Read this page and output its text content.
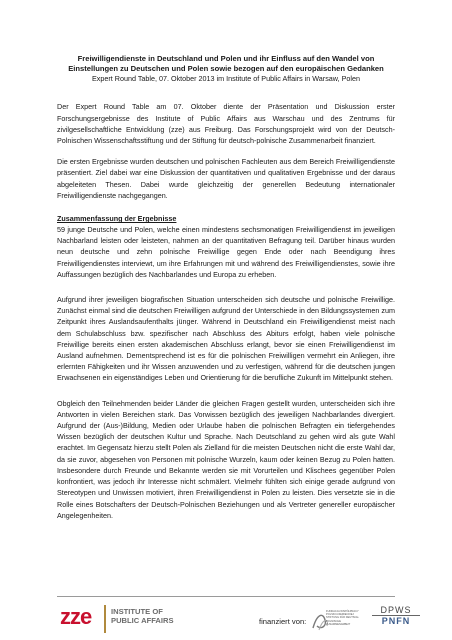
Freiwilligendienste in Deutschland und Polen und ihr Einfluss auf den Wandel von
Einstellungen zu Deutschen und Polen sowie bezogen auf den europäischen Gedanken

Expert Round Table, 07. Oktober 2013 im Institute of Public Affairs in Warsaw, Polen

Der Expert Round Table am 07. Oktober diente der Präsentation und Diskussion erster Forschungsergebnisse des Institute of Public Affairs aus Warschau und des Zentrums für zivilgesellschaftliche Entwicklung (zze) aus Freiburg. Das Forschungsprojekt wird von der Deutsch-Polnischen Wissenschaftsstiftung und der Stiftung für deutsch-polnische Zusammenarbeit finanziert.

Die ersten Ergebnisse wurden deutschen und polnischen Fachleuten aus dem Bereich Freiwilligendienste präsentiert. Ziel dabei war eine Diskussion der quantitativen und qualitativen Ergebnisse und der daraus abgeleiteten Thesen. Dabei wurde gleichzeitig der generellen Bedeutung internationaler Freiwilligendienste nachgegangen.

Zusammenfassung der Ergebnisse

59 junge Deutsche und Polen, welche einen mindestens sechsmonatigen Freiwilligendienst im jeweiligen Nachbarland leisten oder leisteten, nahmen an der quantitativen Befragung teil. Darüber hinaus wurden neun deutsche und zehn polnische Freiwillige gegen Ende oder nach Beendigung ihres Freiwilligendienstes interviewt, um ihre Erfahrungen mit und während des Freiwilligendienstes, sowie ihre Auffassungen bezüglich des Nachbarlandes und Europa zu erheben.

Aufgrund ihrer jeweiligen biografischen Situation unterscheiden sich deutsche und polnische Freiwillige. Zunächst einmal sind die deutschen Freiwilligen aufgrund der Unterschiede in den Bildungssystemen zum Zeitpunkt ihres Auslandsaufenthalts jünger. Während in Deutschland ein Freiwilligendienst meist nach dem Schulabschluss bzw. spezifischer nach Abschluss des Abiturs erfolgt, haben viele polnische Freiwillige bereits einen ersten akademischen Abschluss erlangt, bevor sie einen Freiwilligendienst im Ausland aufnehmen. Dementsprechend ist es für die polnischen Freiwilligen vermehrt ein Anliegen, ihre erlernten Fähigkeiten und ihr Wissen anzuwenden und zu verfestigen, während für die deutschen jungen Erwachsenen ein eigenständiges Leben und Orientierung für die berufliche Zukunft im Mittelpunkt stehen.

Obgleich den Teilnehmenden beider Länder die gleichen Fragen gestellt wurden, unterscheiden sich ihre Antworten in vielen Bereichen stark. Das Vorwissen bezüglich des jeweiligen Nachbarlandes divergiert. Aufgrund der (Aus-)Bildung, Medien oder Urlaube haben die polnischen Befragten ein tiefergehendes Wissen bezüglich der deutschen Kultur und Sprache. Nach Deutschland zu gehen wird als gute Wahl erachtet. Im Gegensatz hierzu stellt Polen als Zielland für die meisten Deutschen nicht die erste Wahl dar, da sie zuvor, abgesehen von Personen mit polnische Wurzeln, kaum oder keinen Bezug zu Polen hatten. Insbesondere durch Freunde und Bekannte werden sie mit Vorurteilen und Klischees gegenüber Polen konfrontiert, was jedoch ihr Interesse nicht schmälert. Vielmehr fühlten sich einige gerade aufgrund von Stereotypen und Unwissen motiviert, ihren Freiwilligendienst in Polen zu leisten. Dies versetzte sie in die Rolle eines Botschafters der Deutsch-Polnischen Beziehungen und als Vertreter genereller europäischer Angelegenheiten.

zze	INSTITUTE OF
PUBLIC AFFAIRS	finanziert von:
FUNDACJA WSPÓŁPRACY
POLSKO-NIEMIECKIEJ
STIFTUNG FÜR DEUTSCH-POLNISCHE
ZUSAMMENARBEIT
DPWS
PNFN
